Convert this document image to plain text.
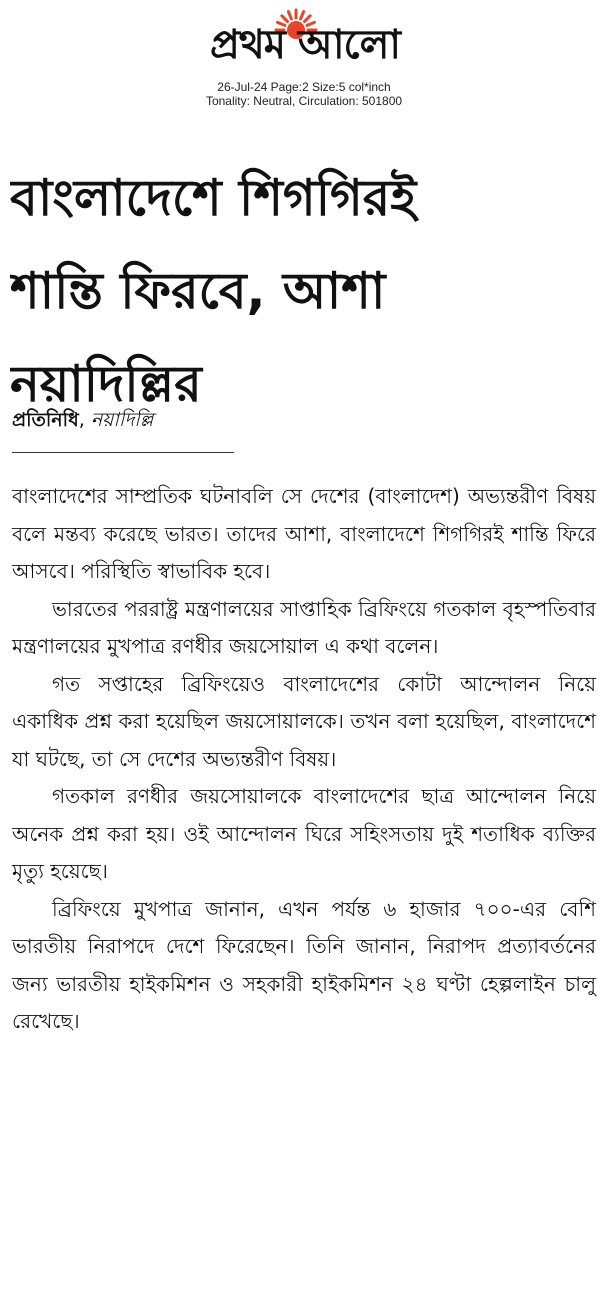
প্রথম আলো
26-Jul-24 Page:2 Size:5 col*inch
Tonality: Neutral, Circulation: 501800
বাংলাদেশে শিগগিরই
শান্তি ফিরবে, আশা
নয়াদিল্লির
প্রতিনিধি, নয়াদিল্লি

বাংলাদেশের সাম্প্রতিক ঘটনাবলি সে দেশের (বাংলাদেশ) অভ্যন্তরীণ বিষয় বলে মন্তব্য করেছে ভারত। তাদের আশা, বাংলাদেশে শিগগিরই শান্তি ফিরে আসবে। পরিস্থিতি স্বাভাবিক হবে।

ভারতের পররাষ্ট্র মন্ত্রণালয়ের সাপ্তাহিক ব্রিফিংয়ে গতকাল বৃহস্পতিবার মন্ত্রণালয়ের মুখপাত্র রণধীর জয়সোয়াল এ কথা বলেন।

গত সপ্তাহের ব্রিফিংয়েও বাংলাদেশের কোটা আন্দোলন নিয়ে একাধিক প্রশ্ন করা হয়েছিল জয়সোয়ালকে। তখন বলা হয়েছিল, বাংলাদেশে যা ঘটছে, তা সে দেশের অভ্যন্তরীণ বিষয়।

গতকাল রণধীর জয়সোয়ালকে বাংলাদেশের ছাত্র আন্দোলন নিয়ে অনেক প্রশ্ন করা হয়। ওই আন্দোলন ঘিরে সহিংসতায় দুই শতাধিক ব্যক্তির মৃত্যু হয়েছে।

ব্রিফিংয়ে মুখপাত্র জানান, এখন পর্যন্ত ৬ হাজার ৭০০-এর বেশি ভারতীয় নিরাপদে দেশে ফিরেছেন। তিনি জানান, নিরাপদ প্রত্যাবর্তনের জন্য ভারতীয় হাইকমিশন ও সহকারী হাইকমিশন ২৪ ঘণ্টা হেল্পলাইন চালু রেখেছে।
